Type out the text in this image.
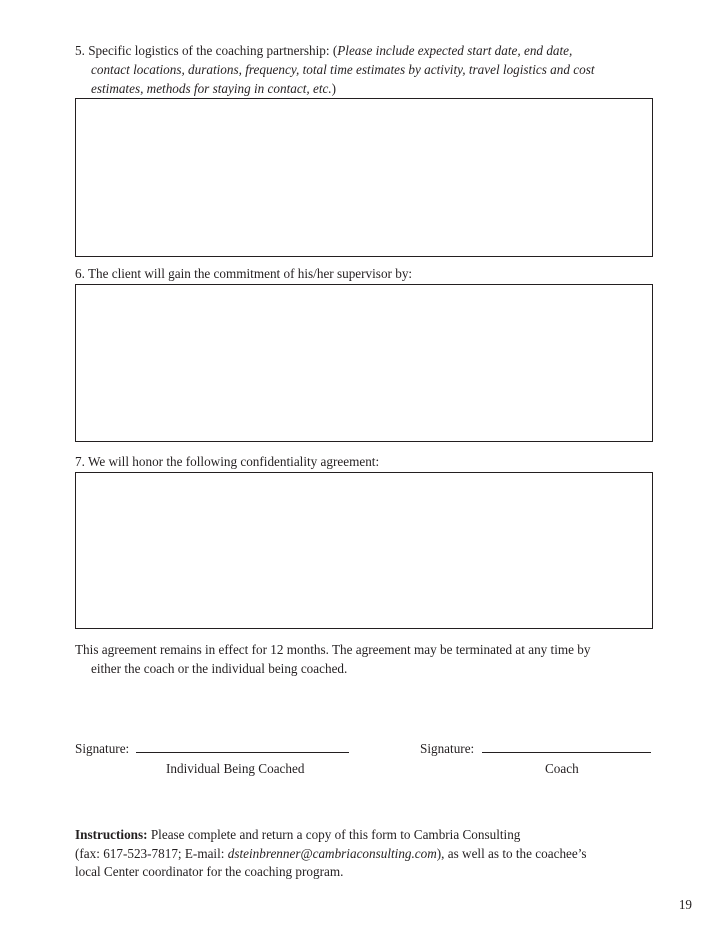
5. Specific logistics of the coaching partnership: (Please include expected start date, end date,
contact locations, durations, frequency, total time estimates by activity, travel logistics and cost
estimates, methods for staying in contact, etc.)
6. The client will gain the commitment of his/her supervisor by:
7. We will honor the following confidentiality agreement:
This agreement remains in effect for 12 months. The agreement may be terminated at any time by
either the coach or the individual being coached.
Signature:
Individual Being Coached
Signature:
Coach
Instructions: Please complete and return a copy of this form to Cambria Consulting
(fax: 617-523-7817; E-mail: dsteinbrenner@cambriaconsulting.com), as well as to the coachee’s
local Center coordinator for the coaching program.
19
